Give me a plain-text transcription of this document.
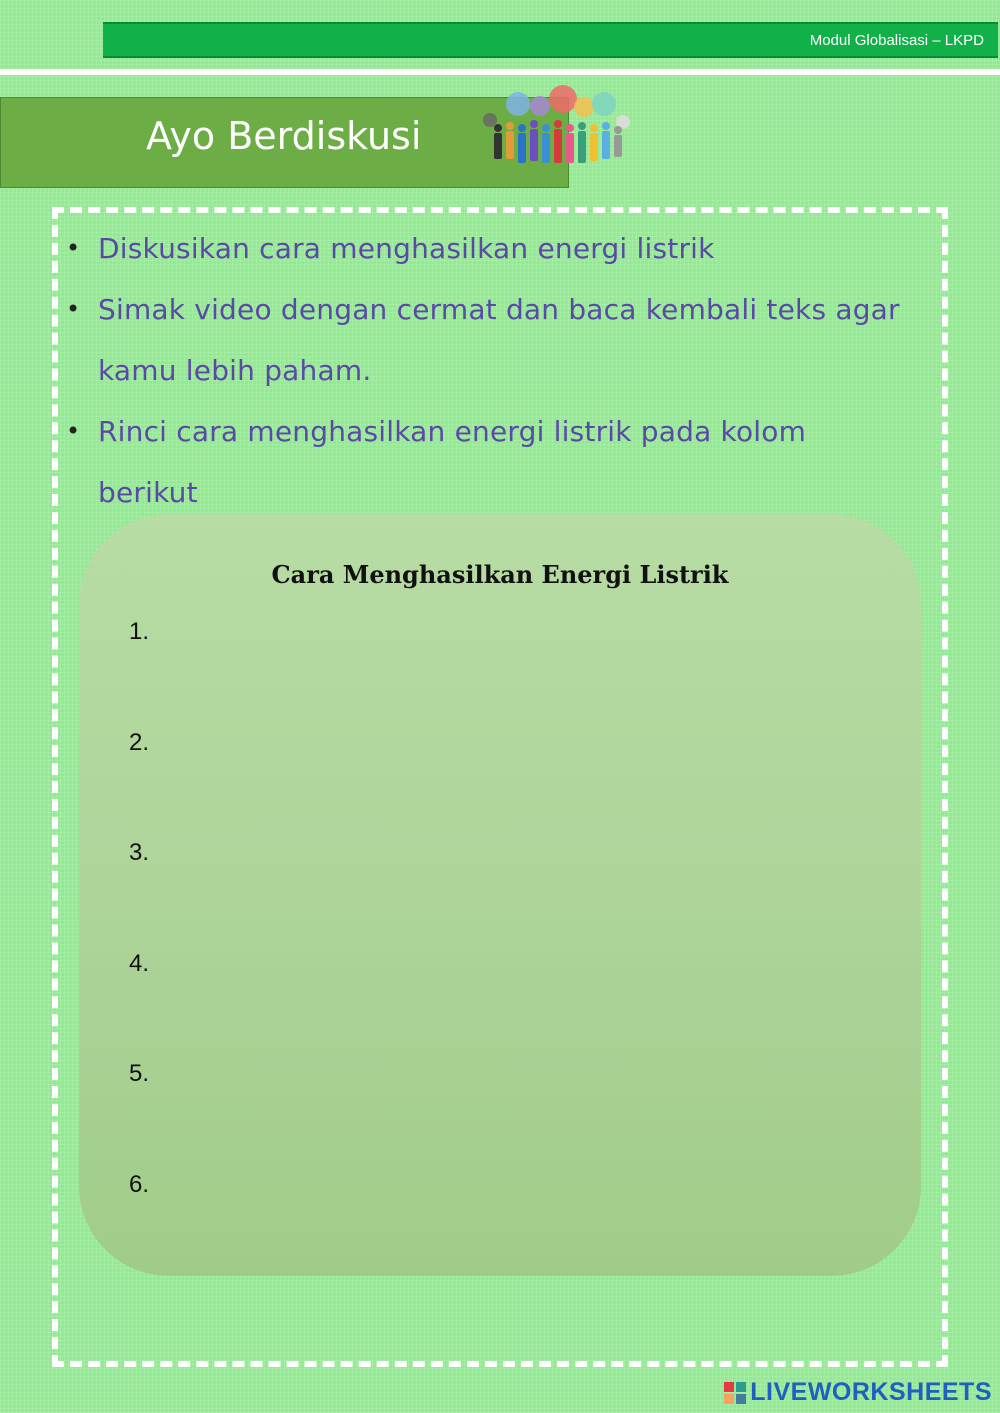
Modul Globalisasi – LKPD
Ayo Berdiskusi
• Diskusikan cara menghasilkan energi listrik
• Simak video dengan cermat dan baca kembali teks agar
kamu lebih paham.
• Rinci cara menghasilkan energi listrik pada kolom
berikut
Cara Menghasilkan Energi Listrik
1.
2.
3.
4.
5.
6.
LIVEWORKSHEETS
